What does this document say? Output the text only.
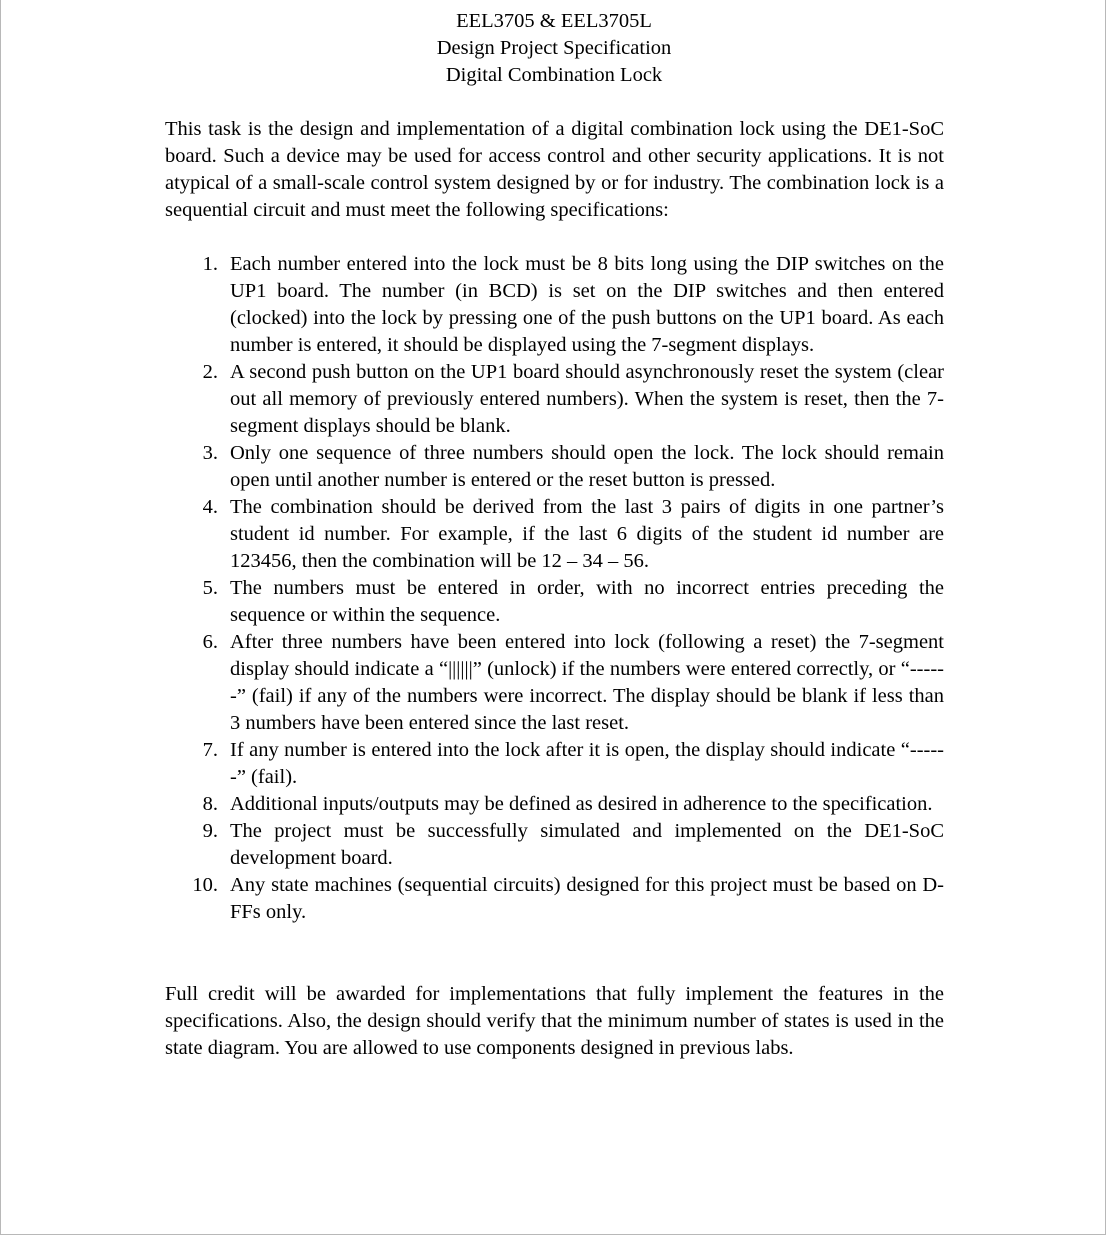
EEL3705 & EEL3705L
Design Project Specification
Digital Combination Lock

This task is the design and implementation of a digital combination lock using the DE1-SoC board. Such a device may be used for access control and other security applications. It is not atypical of a small-scale control system designed by or for industry. The combination lock is a sequential circuit and must meet the following specifications:

1. Each number entered into the lock must be 8 bits long using the DIP switches on the UP1 board. The number (in BCD) is set on the DIP switches and then entered (clocked) into the lock by pressing one of the push buttons on the UP1 board. As each number is entered, it should be displayed using the 7-segment displays.
2. A second push button on the UP1 board should asynchronously reset the system (clear out all memory of previously entered numbers). When the system is reset, then the 7-segment displays should be blank.
3. Only one sequence of three numbers should open the lock. The lock should remain open until another number is entered or the reset button is pressed.
4. The combination should be derived from the last 3 pairs of digits in one partner’s student id number. For example, if the last 6 digits of the student id number are 123456, then the combination will be 12 – 34 – 56.
5. The numbers must be entered in order, with no incorrect entries preceding the sequence or within the sequence.
6. After three numbers have been entered into lock (following a reset) the 7-segment display should indicate a “||||||” (unlock) if the numbers were entered correctly, or “------” (fail) if any of the numbers were incorrect. The display should be blank if less than 3 numbers have been entered since the last reset.
7. If any number is entered into the lock after it is open, the display should indicate “------” (fail).
8. Additional inputs/outputs may be defined as desired in adherence to the specification.
9. The project must be successfully simulated and implemented on the DE1-SoC development board.
10. Any state machines (sequential circuits) designed for this project must be based on D-FFs only.

Full credit will be awarded for implementations that fully implement the features in the specifications. Also, the design should verify that the minimum number of states is used in the state diagram. You are allowed to use components designed in previous labs.
